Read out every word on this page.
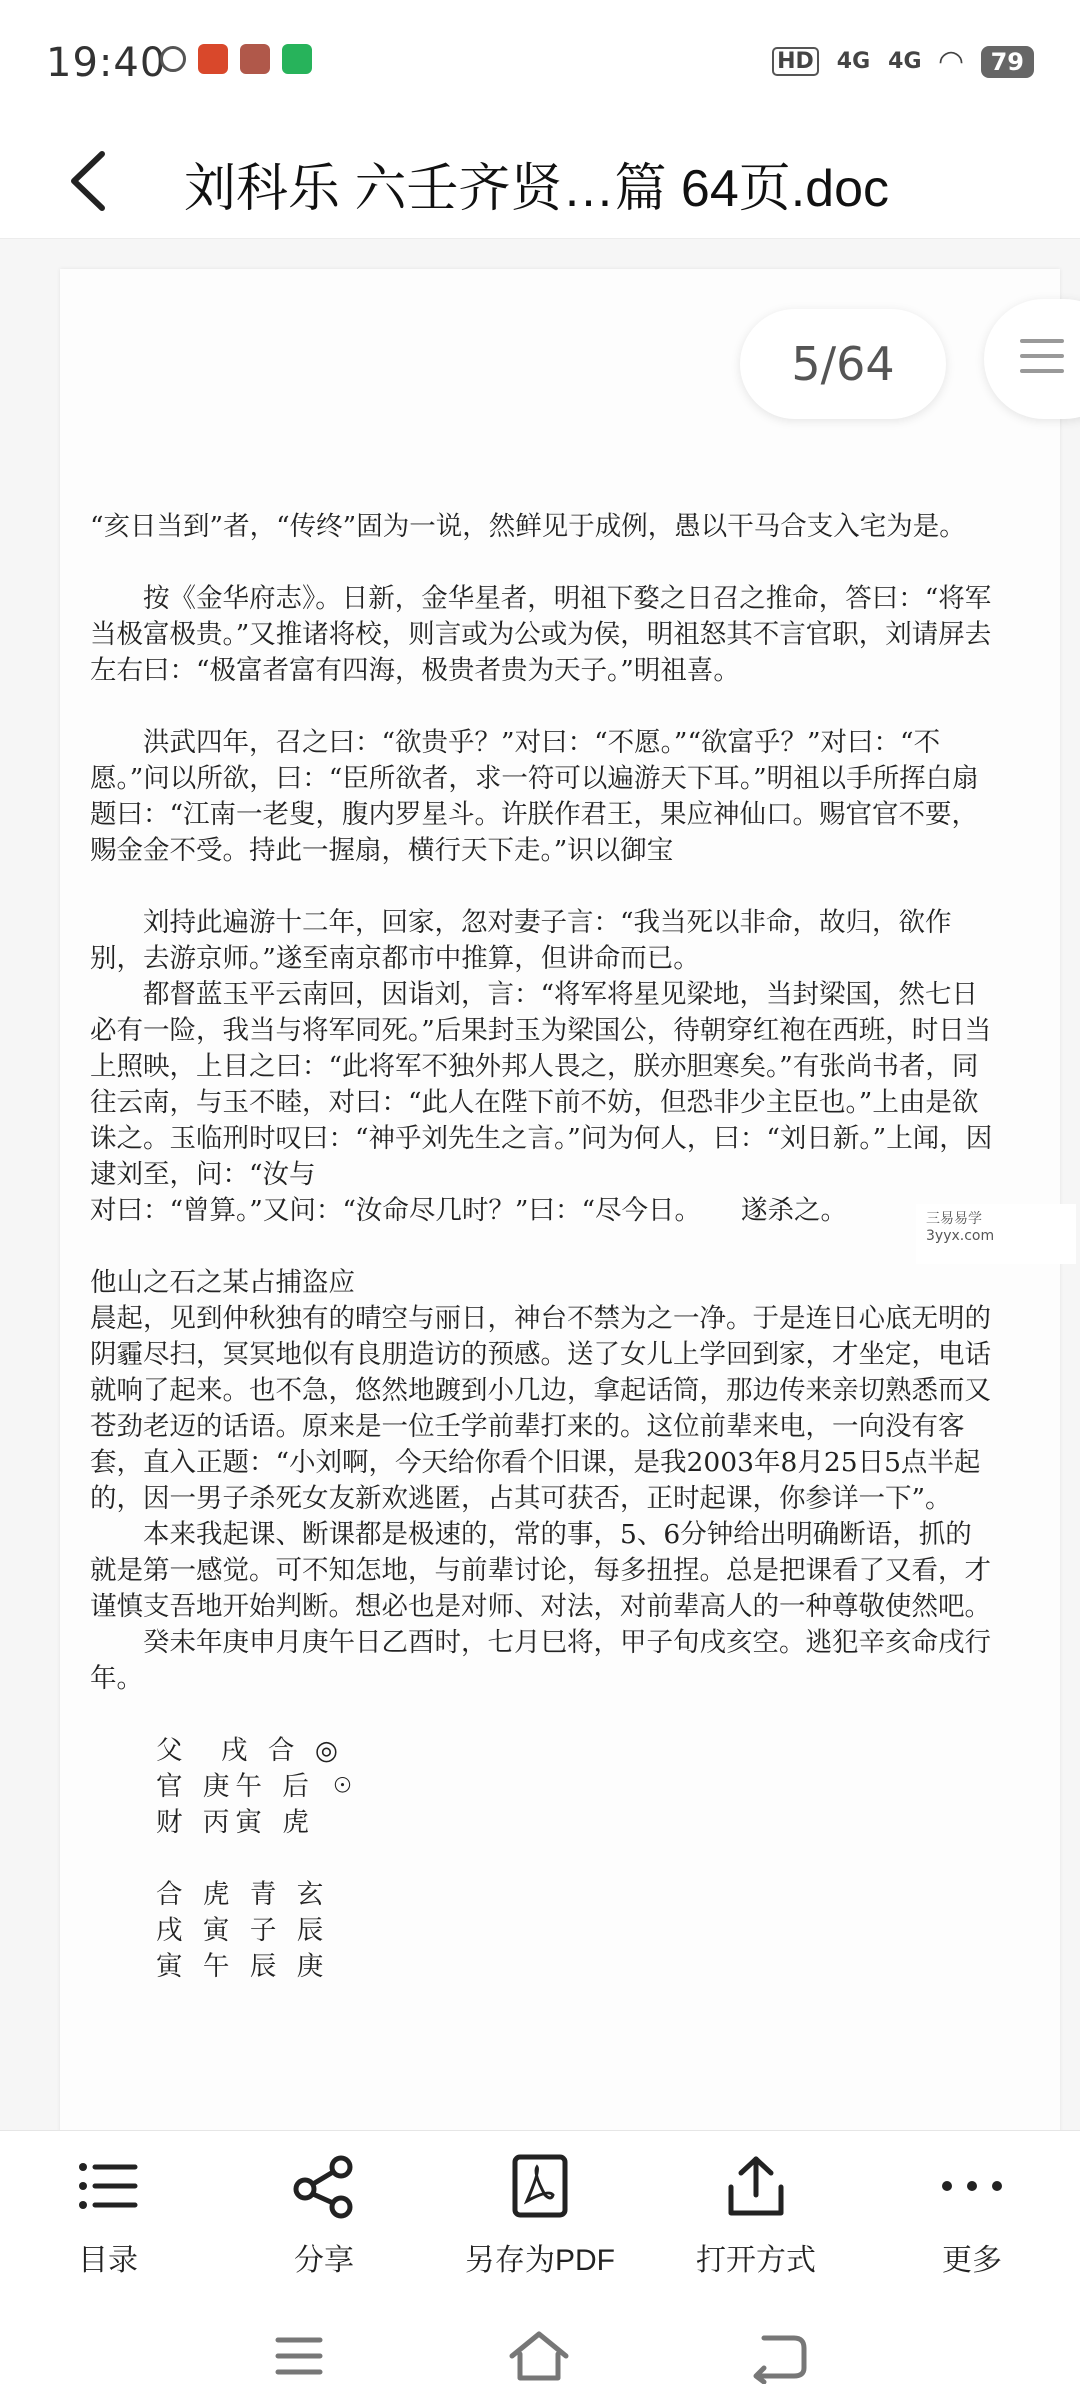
19:40	HD 4G 4G ◠	79
刘科乐 六壬齐贤…篇 64页.doc

“亥日当到”者，“传终”固为一说，然鲜见于成例，愚以干马合支入宅为是。

按《金华府志》。日新，金华星者，明祖下婺之日召之推命，答曰：“将军当极富极贵。”又推诸将校，则言或为公或为侯，明祖怒其不言官职，刘请屏去左右曰：“极富者富有四海，极贵者贵为天子。”明祖喜。

洪武四年，召之曰：“欲贵乎？”对曰：“不愿。”“欲富乎？”对曰：“不愿。”问以所欲，曰：“臣所欲者，求一符可以遍游天下耳。”明祖以手所挥白扇题曰：“江南一老叟，腹内罗星斗。许朕作君王，果应神仙口。赐官官不要，赐金金不受。持此一握扇，横行天下走。”识以御宝

刘持此遍游十二年，回家，忽对妻子言：“我当死以非命，故归，欲作别，去游京师。”遂至南京都市中推算，但讲命而已。

都督蓝玉平云南回，因诣刘，言：“将军将星见梁地，当封梁国，然七日必有一险，我当与将军同死。”后果封玉为梁国公，待朝穿红袍在西班，时日当上照映，上目之曰：“此将军不独外邦人畏之，朕亦胆寒矣。”有张尚书者，同往云南，与玉不睦，对曰：“此人在陛下前不妨，但恐非少主臣也。”上由是欲诛之。玉临刑时叹曰：“神乎刘先生之言。”问为何人，曰：“刘日新。”上闻，因逮刘至，问：“汝与

对曰：“曾算。”又问：“汝命尽几时？”曰：“尽今日。 遂杀之。

他山之石之某占捕盗应

晨起，见到仲秋独有的晴空与丽日，神台不禁为之一净。于是连日心底无明的阴霾尽扫，冥冥地似有良朋造访的预感。送了女儿上学回到家，才坐定，电话就响了起来。也不急，悠然地踱到小几边，拿起话筒，那边传来亲切熟悉而又苍劲老迈的话语。原来是一位壬学前辈打来的。这位前辈来电，一向没有客套，直入正题：“小刘啊，今天给你看个旧课，是我2003年8月25日5点半起的，因一男子杀死女友新欢逃匿，占其可获否，正时起课，你参详一下”。

本来我起课、断课都是极速的，常的事，5、6分钟给出明确断语，抓的就是第一感觉。可不知怎地，与前辈讨论，每多扭捏。总是把课看了又看，才谨慎支吾地开始判断。想必也是对师、对法，对前辈高人的一种尊敬使然吧。

癸未年庚申月庚午日乙酉时，七月巳将，甲子旬戌亥空。逃犯辛亥命戌行年。

父　戌 合 ◎

官 庚午 后 ☉

财 丙寅 虎

合 虎 青 玄

戌 寅 子 辰

寅 午 辰 庚

三易易学
3yyx.com
5/64
目录	分享	另存为PDF	打开方式	更多
